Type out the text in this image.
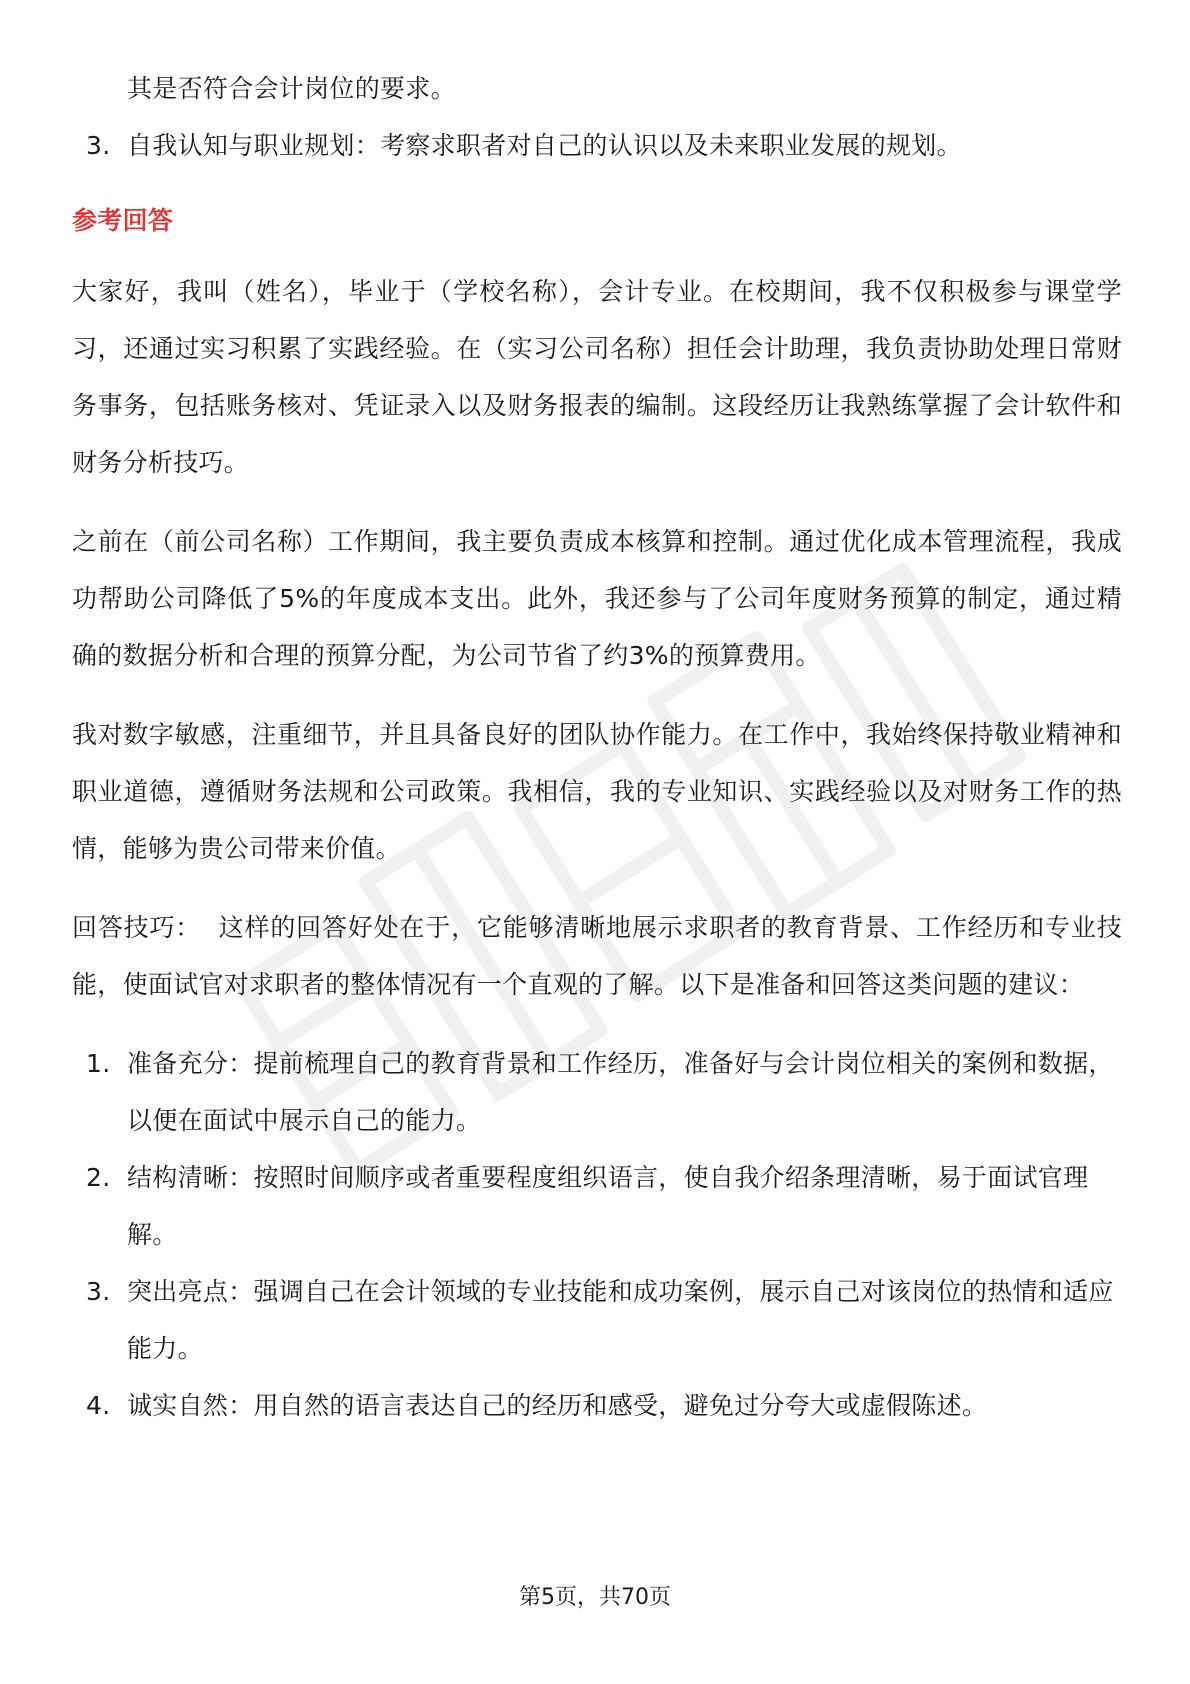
其是否符合会计岗位的要求。

3. 自我认知与职业规划：考察求职者对自己的认识以及未来职业发展的规划。

参考回答

大家好，我叫（姓名），毕业于（学校名称），会计专业。在校期间，我不仅积极参与课堂学习，还通过实习积累了实践经验。在（实习公司名称）担任会计助理，我负责协助处理日常财务事务，包括账务核对、凭证录入以及财务报表的编制。这段经历让我熟练掌握了会计软件和财务分析技巧。

之前在（前公司名称）工作期间，我主要负责成本核算和控制。通过优化成本管理流程，我成功帮助公司降低了5%的年度成本支出。此外，我还参与了公司年度财务预算的制定，通过精确的数据分析和合理的预算分配，为公司节省了约3%的预算费用。

我对数字敏感，注重细节，并且具备良好的团队协作能力。在工作中，我始终保持敬业精神和职业道德，遵循财务法规和公司政策。我相信，我的专业知识、实践经验以及对财务工作的热情，能够为贵公司带来价值。

回答技巧：  这样的回答好处在于，它能够清晰地展示求职者的教育背景、工作经历和专业技能，使面试官对求职者的整体情况有一个直观的了解。以下是准备和回答这类问题的建议：

1. 准备充分：提前梳理自己的教育背景和工作经历，准备好与会计岗位相关的案例和数据，以便在面试中展示自己的能力。

2. 结构清晰：按照时间顺序或者重要程度组织语言，使自我介绍条理清晰，易于面试官理解。

3. 突出亮点：强调自己在会计领域的专业技能和成功案例，展示自己对该岗位的热情和适应能力。

4. 诚实自然：用自然的语言表达自己的经历和感受，避免过分夸大或虚假陈述。

第5页，共70页
